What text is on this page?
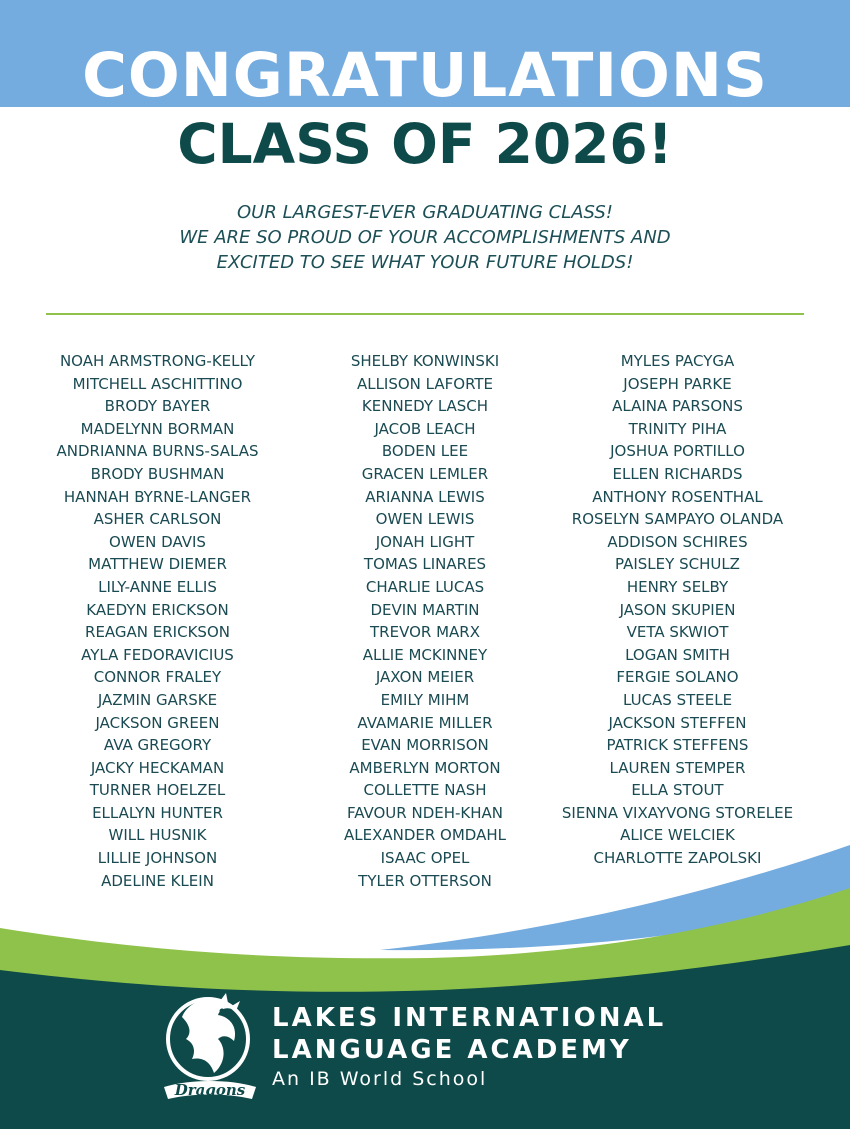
CONGRATULATIONS
CLASS OF 2026!
OUR LARGEST-EVER GRADUATING CLASS!
WE ARE SO PROUD OF YOUR ACCOMPLISHMENTS AND
EXCITED TO SEE WHAT YOUR FUTURE HOLDS!
NOAH ARMSTRONG-KELLY
MITCHELL ASCHITTINO
BRODY BAYER
MADELYNN BORMAN
ANDRIANNA BURNS-SALAS
BRODY BUSHMAN
HANNAH BYRNE-LANGER
ASHER CARLSON
OWEN DAVIS
MATTHEW DIEMER
LILY-ANNE ELLIS
KAEDYN ERICKSON
REAGAN ERICKSON
AYLA FEDORAVICIUS
CONNOR FRALEY
JAZMIN GARSKE
JACKSON GREEN
AVA GREGORY
JACKY HECKAMAN
TURNER HOELZEL
ELLALYN HUNTER
WILL HUSNIK
LILLIE JOHNSON
ADELINE KLEIN
SHELBY KONWINSKI
ALLISON LAFORTE
KENNEDY LASCH
JACOB LEACH
BODEN LEE
GRACEN LEMLER
ARIANNA LEWIS
OWEN LEWIS
JONAH LIGHT
TOMAS LINARES
CHARLIE LUCAS
DEVIN MARTIN
TREVOR MARX
ALLIE MCKINNEY
JAXON MEIER
EMILY MIHM
AVAMARIE MILLER
EVAN MORRISON
AMBERLYN MORTON
COLLETTE NASH
FAVOUR NDEH-KHAN
ALEXANDER OMDAHL
ISAAC OPEL
TYLER OTTERSON
MYLES PACYGA
JOSEPH PARKE
ALAINA PARSONS
TRINITY PIHA
JOSHUA PORTILLO
ELLEN RICHARDS
ANTHONY ROSENTHAL
ROSELYN SAMPAYO OLANDA
ADDISON SCHIRES
PAISLEY SCHULZ
HENRY SELBY
JASON SKUPIEN
VETA SKWIOT
LOGAN SMITH
FERGIE SOLANO
LUCAS STEELE
JACKSON STEFFEN
PATRICK STEFFENS
LAUREN STEMPER
ELLA STOUT
SIENNA VIXAYVONG STORELEE
ALICE WELCIEK
CHARLOTTE ZAPOLSKI
Dragons
LAKES INTERNATIONAL
LANGUAGE ACADEMY
An IB World School
